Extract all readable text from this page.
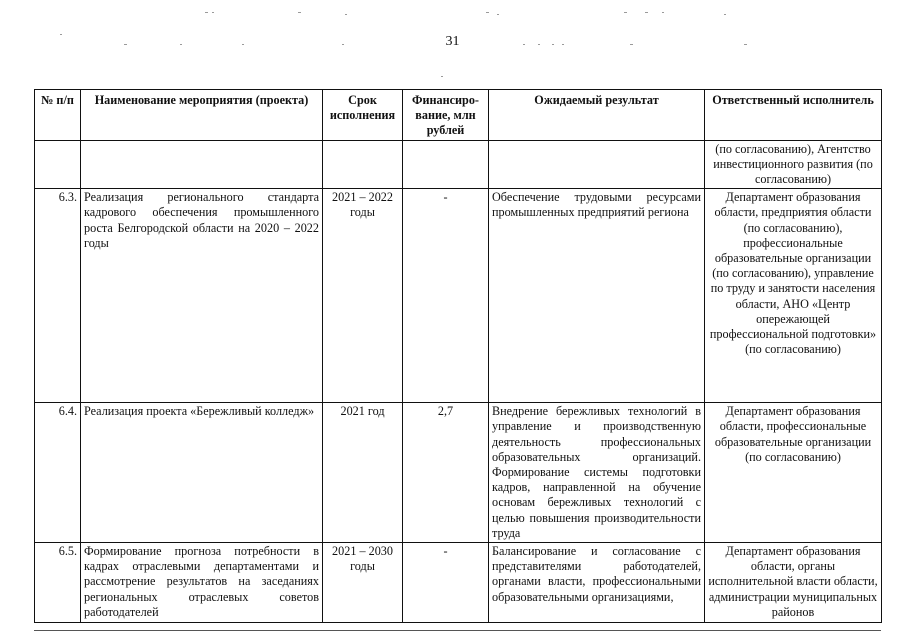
31
№ п/п	Наименование мероприятия (проекта)	Срок исполнения	Финансиро-вание, млн рублей	Ожидаемый результат	Ответственный исполнитель
					(по согласованию), Агентство инвестиционного развития (по согласованию)
6.3.	Реализация регионального стандарта кадрового обеспечения промышленного роста Белгородской области на 2020 – 2022 годы	2021 – 2022 годы	-	Обеспечение трудовыми ресурсами промышленных предприятий региона	Департамент образования области, предприятия области (по согласованию), профессиональные образовательные организации (по согласованию), управление по труду и занятости населения области, АНО «Центр опережающей профессиональной подготовки» (по согласованию)
6.4.	Реализация проекта «Бережливый колледж»	2021 год	2,7	Внедрение бережливых технологий в управление и производственную деятельность профессиональных образовательных организаций. Формирование системы подготовки кадров, направленной на обучение основам бережливых технологий с целью повышения производительности труда	Департамент образования области, профессиональные образовательные организации (по согласованию)
6.5.	Формирование прогноза потребности в кадрах отраслевыми департаментами и рассмотрение результатов на заседаниях региональных отраслевых советов работодателей	2021 – 2030 годы	-	Балансирование и согласование с представителями работодателей, органами власти, профессиональными образовательными организациями,	Департамент образования области, органы исполнительной власти области, администрации муниципальных районов
